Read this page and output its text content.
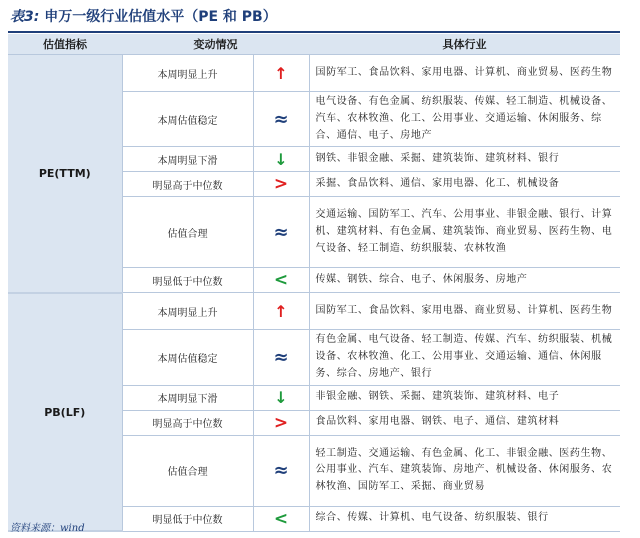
表3: 申万一级行业估值水平（PE 和 PB）
估值指标	变动情况		具体行业
PE(TTM)	本周明显上升	↑	国防军工、食品饮料、家用电器、计算机、商业贸易、医药生物
	本周估值稳定	≈	电气设备、有色金属、纺织服装、传媒、轻工制造、机械设备、汽车、农林牧渔、化工、公用事业、交通运输、休闲服务、综合、通信、电子、房地产
	本周明显下滑	↓	钢铁、非银金融、采掘、建筑装饰、建筑材料、银行
	明显高于中位数	>	采掘、食品饮料、通信、家用电器、化工、机械设备
	估值合理	≈	交通运输、国防军工、汽车、公用事业、非银金融、银行、计算机、建筑材料、有色金属、建筑装饰、商业贸易、医药生物、电气设备、轻工制造、纺织服装、农林牧渔
	明显低于中位数	<	传媒、钢铁、综合、电子、休闲服务、房地产
PB(LF)	本周明显上升	↑	国防军工、食品饮料、家用电器、商业贸易、计算机、医药生物
	本周估值稳定	≈	有色金属、电气设备、轻工制造、传媒、汽车、纺织服装、机械设备、农林牧渔、化工、公用事业、交通运输、通信、休闲服务、综合、房地产、银行
	本周明显下滑	↓	非银金融、钢铁、采掘、建筑装饰、建筑材料、电子
	明显高于中位数	>	食品饮料、家用电器、钢铁、电子、通信、建筑材料
	估值合理	≈	轻工制造、交通运输、有色金属、化工、非银金融、医药生物、公用事业、汽车、建筑装饰、房地产、机械设备、休闲服务、农林牧渔、国防军工、采掘、商业贸易
	明显低于中位数	<	综合、传媒、计算机、电气设备、纺织服装、银行
资料来源：wind
